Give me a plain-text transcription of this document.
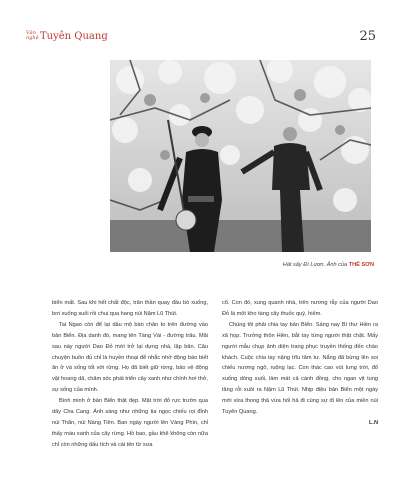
Văn
nghệ Tuyên Quang	25
Hát sấy Đì Lượn. Ảnh của THẾ SƠN

biển mất. Sau khi hết chất độc, trăn thần quay đầu bò xuống, bơi xuống suối rồi chui qua hang núi Nậm Lũ Thút.

Tai Ngao còn để lại dấu mộ bàn chân to trên đường vào bản Biển. Địa danh đó, mang tên Tàng Vài - đường trâu. Mãi sau này người Dao Đỏ mới trở lại dựng nhà, lập bản. Câu chuyện buồn đủ chỉ là huyền thoại để nhắc nhở động bào biết ăn ở và sống tốt với rừng. Họ đã biết giữ rừng, bảo vệ động vật hoang dã, chăm sóc phát triển cây xanh như chính hơi thở, sự sống của mình.

Bình minh ở bản Biển thật đẹp. Mặt trời đỏ rực trườn qua dãy Cha Cang. Ánh sáng như những tia ngọc chiếu rọi đỉnh núi Thẩn, núi Nàng Tiên. Ban ngày người lên Vàng Phìn, chỉ thấy màu xanh của cây rừng. Hồ bao, gầu khê không còn nữa chỉ còn những dấu tích và cái tên từ xưa

cổ. Con đó, xung quanh nhà, trên nương rẫy của người Dao Đỏ là một kho tàng cây thuốc quý, hiếm.

Chúng tôi phải chia tay bản Biển. Sáng nay Bí thư Hiền ra xã họp. Trưởng thôn Hiền, bắt tay từng người thật chặt. Mấy người mẫu chụp ảnh diện trang phục truyền thống đến chào khách. Cuộc chia tay nặng trĩu tâm tư. Nắng đã bừng lên soi chiếu nương ngô, ruộng lạc. Con thác cao vút lưng trời, đổ xuống dòng suối, làm mát cả cánh đồng, cho ngan vịt tung tăng rỗi xuôi ra Nậm Lũ Thút. Nhịp điệu bản Biển một ngày mới vừa thong thả vừa hối hả đi cùng sự đi lên của miền núi Tuyên Quang.

L.N
